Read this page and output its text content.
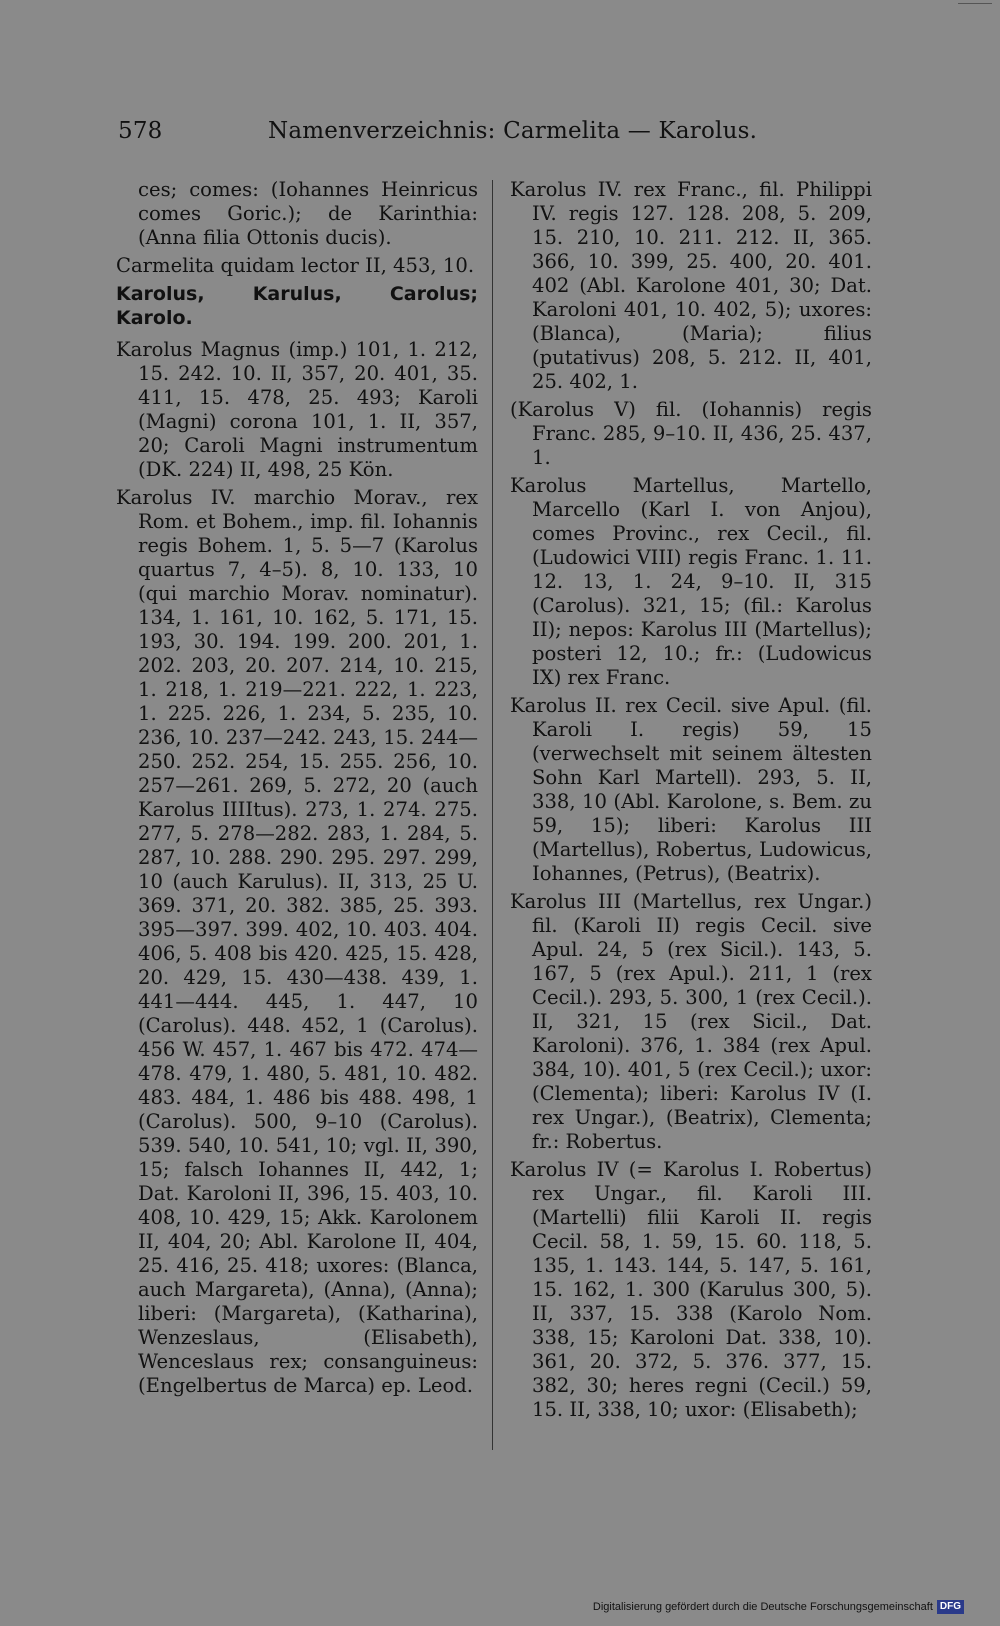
578	Namenverzeichnis: Carmelita — Karolus.

ces; comes: (Iohannes Heinricus comes Goric.); de Karinthia: (Anna filia Ottonis ducis).

Carmelita quidam lector II, 453, 10.

Karolus, Karulus, Carolus; Karolo.

Karolus Magnus (imp.) 101, 1. 212, 15. 242. 10. II, 357, 20. 401, 35. 411, 15. 478, 25. 493; Karoli (Magni) corona 101, 1. II, 357, 20; Caroli Magni instrumentum (DK. 224) II, 498, 25 Kön.

Karolus IV. marchio Morav., rex Rom. et Bohem., imp. fil. Iohannis regis Bohem. 1, 5. 5—7 (Karolus quartus 7, 4–5). 8, 10. 133, 10 (qui marchio Morav. nominatur). 134, 1. 161, 10. 162, 5. 171, 15. 193, 30. 194. 199. 200. 201, 1. 202. 203, 20. 207. 214, 10. 215, 1. 218, 1. 219—221. 222, 1. 223, 1. 225. 226, 1. 234, 5. 235, 10. 236, 10. 237—242. 243, 15. 244—250. 252. 254, 15. 255. 256, 10. 257—261. 269, 5. 272, 20 (auch Karolus IIIItus). 273, 1. 274. 275. 277, 5. 278—282. 283, 1. 284, 5. 287, 10. 288. 290. 295. 297. 299, 10 (auch Karulus). II, 313, 25 U. 369. 371, 20. 382. 385, 25. 393. 395—397. 399. 402, 10. 403. 404. 406, 5. 408 bis 420. 425, 15. 428, 20. 429, 15. 430—438. 439, 1. 441—444. 445, 1. 447, 10 (Carolus). 448. 452, 1 (Carolus). 456 W. 457, 1. 467 bis 472. 474—478. 479, 1. 480, 5. 481, 10. 482. 483. 484, 1. 486 bis 488. 498, 1 (Carolus). 500, 9–10 (Carolus). 539. 540, 10. 541, 10; vgl. II, 390, 15; falsch Iohannes II, 442, 1; Dat. Karoloni II, 396, 15. 403, 10. 408, 10. 429, 15; Akk. Karolonem II, 404, 20; Abl. Karolone II, 404, 25. 416, 25. 418; uxores: (Blanca, auch Margareta), (Anna), (Anna); liberi: (Margareta), (Katharina), Wenzeslaus, (Elisabeth), Wenceslaus rex; consanguineus: (Engelbertus de Marca) ep. Leod.

Karolus IV. rex Franc., fil. Philippi IV. regis 127. 128. 208, 5. 209, 15. 210, 10. 211. 212. II, 365. 366, 10. 399, 25. 400, 20. 401. 402 (Abl. Karolone 401, 30; Dat. Karoloni 401, 10. 402, 5); uxores: (Blanca), (Maria); filius (putativus) 208, 5. 212. II, 401, 25. 402, 1.

(Karolus V) fil. (Iohannis) regis Franc. 285, 9–10. II, 436, 25. 437, 1.

Karolus Martellus, Martello, Marcello (Karl I. von Anjou), comes Provinc., rex Cecil., fil. (Ludowici VIII) regis Franc. 1. 11. 12. 13, 1. 24, 9–10. II, 315 (Carolus). 321, 15; (fil.: Karolus II); nepos: Karolus III (Martellus); posteri 12, 10.; fr.: (Ludowicus IX) rex Franc.

Karolus II. rex Cecil. sive Apul. (fil. Karoli I. regis) 59, 15 (verwechselt mit seinem ältesten Sohn Karl Martell). 293, 5. II, 338, 10 (Abl. Karolone, s. Bem. zu 59, 15); liberi: Karolus III (Martellus), Robertus, Ludowicus, Iohannes, (Petrus), (Beatrix).

Karolus III (Martellus, rex Ungar.) fil. (Karoli II) regis Cecil. sive Apul. 24, 5 (rex Sicil.). 143, 5. 167, 5 (rex Apul.). 211, 1 (rex Cecil.). 293, 5. 300, 1 (rex Cecil.). II, 321, 15 (rex Sicil., Dat. Karoloni). 376, 1. 384 (rex Apul. 384, 10). 401, 5 (rex Cecil.); uxor: (Clementa); liberi: Karolus IV (I. rex Ungar.), (Beatrix), Clementa; fr.: Robertus.

Karolus IV (= Karolus I. Robertus) rex Ungar., fil. Karoli III. (Martelli) filii Karoli II. regis Cecil. 58, 1. 59, 15. 60. 118, 5. 135, 1. 143. 144, 5. 147, 5. 161, 15. 162, 1. 300 (Karulus 300, 5). II, 337, 15. 338 (Karolo Nom. 338, 15; Karoloni Dat. 338, 10). 361, 20. 372, 5. 376. 377, 15. 382, 30; heres regni (Cecil.) 59, 15. II, 338, 10; uxor: (Elisabeth);

Digitalisierung gefördert durch die Deutsche Forschungsgemeinschaft DFG
